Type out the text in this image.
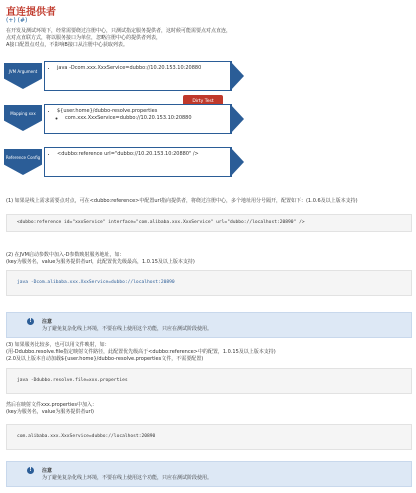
直连提供者
(+) (#)

在开发及测试环境下，经常需要绕过注册中心，只测试指定服务提供者，这时候可能需要点对点直连，

点对点直联方式，将以服务接口为单位，忽略注册中心的提供者列表，

A接口配置点对点，不影响B接口从注册中心获取列表。

JVM Argument
• java -Dcom.xxx.XxxService=dubbo://10.20.153.10:20880
Dirty Test
Mapping xxx
•	${user.home}/dubbo-resolve.properties
◦ com.xxx.XxxService=dubbo://10.20.153.10:20880
Reference Config
• <dubbo:reference url="dubbo://10.20.153.10:20880" />
(1) 如果是线上需求需要点对点，可在<dubbo:reference>中配置url指向提供者，将绕过注册中心，多个地址用分号隔开，配置如下：(1.0.6及以上版本支持)
<dubbo:reference id="xxxService" interface="com.alibaba.xxx.XxxService" url="dubbo://localhost:20890" />
(2) 在JVM启动参数中加入-D参数映射服务地址，如：
(key为服务名，value为服务提供者url，此配置优先级最高，1.0.15及以上版本支持)
java -Dcom.alibaba.xxx.XxxService=dubbo://localhost:20890
!	注意
为了避免复杂化线上环境，不要在线上使用这个功能，只应在测试阶段使用。
(3) 如果服务比较多，也可以用文件映射，如：
(用-Ddubbo.resolve.file指定映射文件路径，此配置优先级高于<dubbo:reference>中的配置，1.0.15及以上版本支持)
(2.0及以上版本自动加载${user.home}/dubbo-resolve.properties文件，不需要配置)
java -Ddubbo.resolve.file=xxx.properties
然后在映射文件xxx.properties中加入：
(key为服务名，value为服务提供者url)
com.alibaba.xxx.XxxService=dubbo://localhost:20890
!	注意
为了避免复杂化线上环境，不要在线上使用这个功能，只应在测试阶段使用。
